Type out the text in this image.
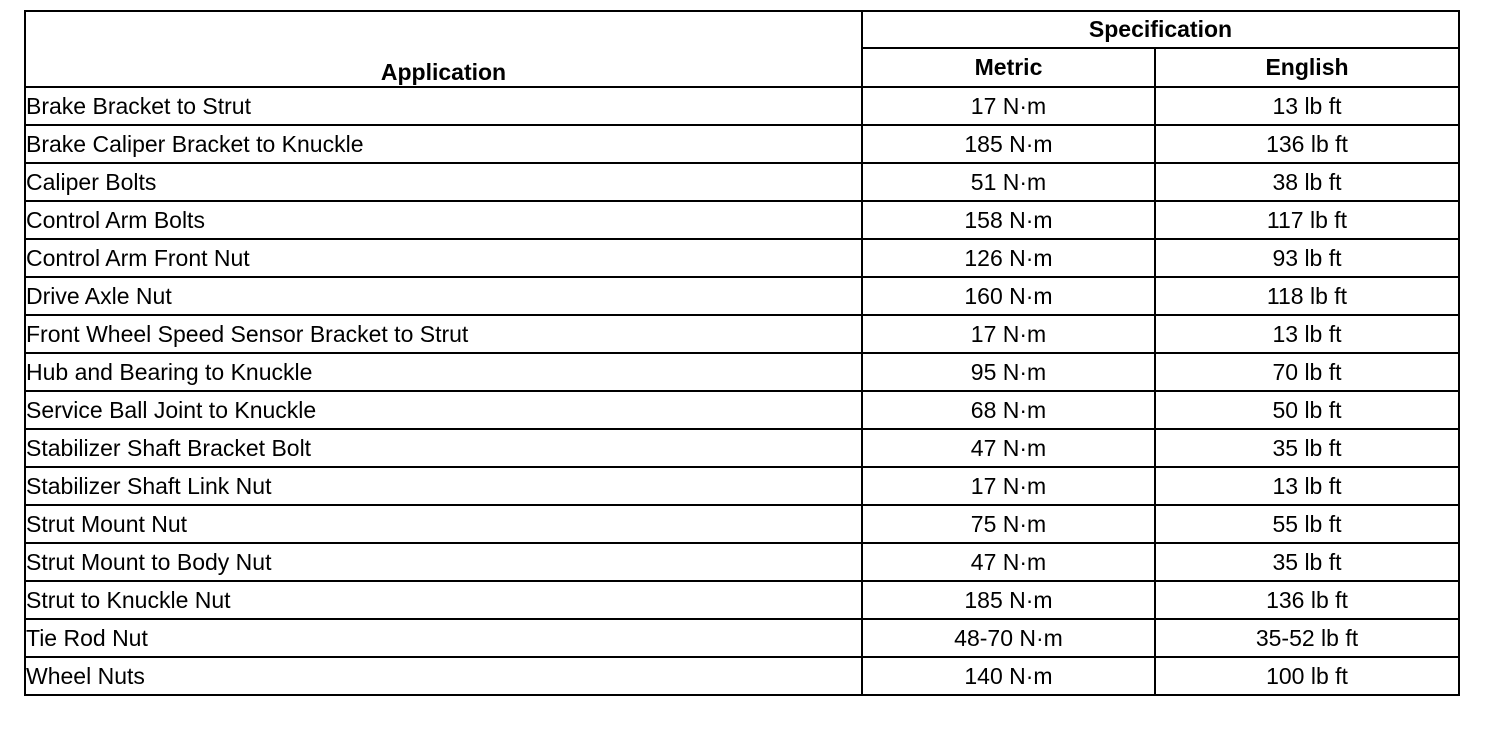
Application	Specification	
	Metric	English
Brake Bracket to Strut	17 N·m	13 lb ft
Brake Caliper Bracket to Knuckle	185 N·m	136 lb ft
Caliper Bolts	51 N·m	38 lb ft
Control Arm Bolts	158 N·m	117 lb ft
Control Arm Front Nut	126 N·m	93 lb ft
Drive Axle Nut	160 N·m	118 lb ft
Front Wheel Speed Sensor Bracket to Strut	17 N·m	13 lb ft
Hub and Bearing to Knuckle	95 N·m	70 lb ft
Service Ball Joint to Knuckle	68 N·m	50 lb ft
Stabilizer Shaft Bracket Bolt	47 N·m	35 lb ft
Stabilizer Shaft Link Nut	17 N·m	13 lb ft
Strut Mount Nut	75 N·m	55 lb ft
Strut Mount to Body Nut	47 N·m	35 lb ft
Strut to Knuckle Nut	185 N·m	136 lb ft
Tie Rod Nut	48-70 N·m	35-52 lb ft
Wheel Nuts	140 N·m	100 lb ft
